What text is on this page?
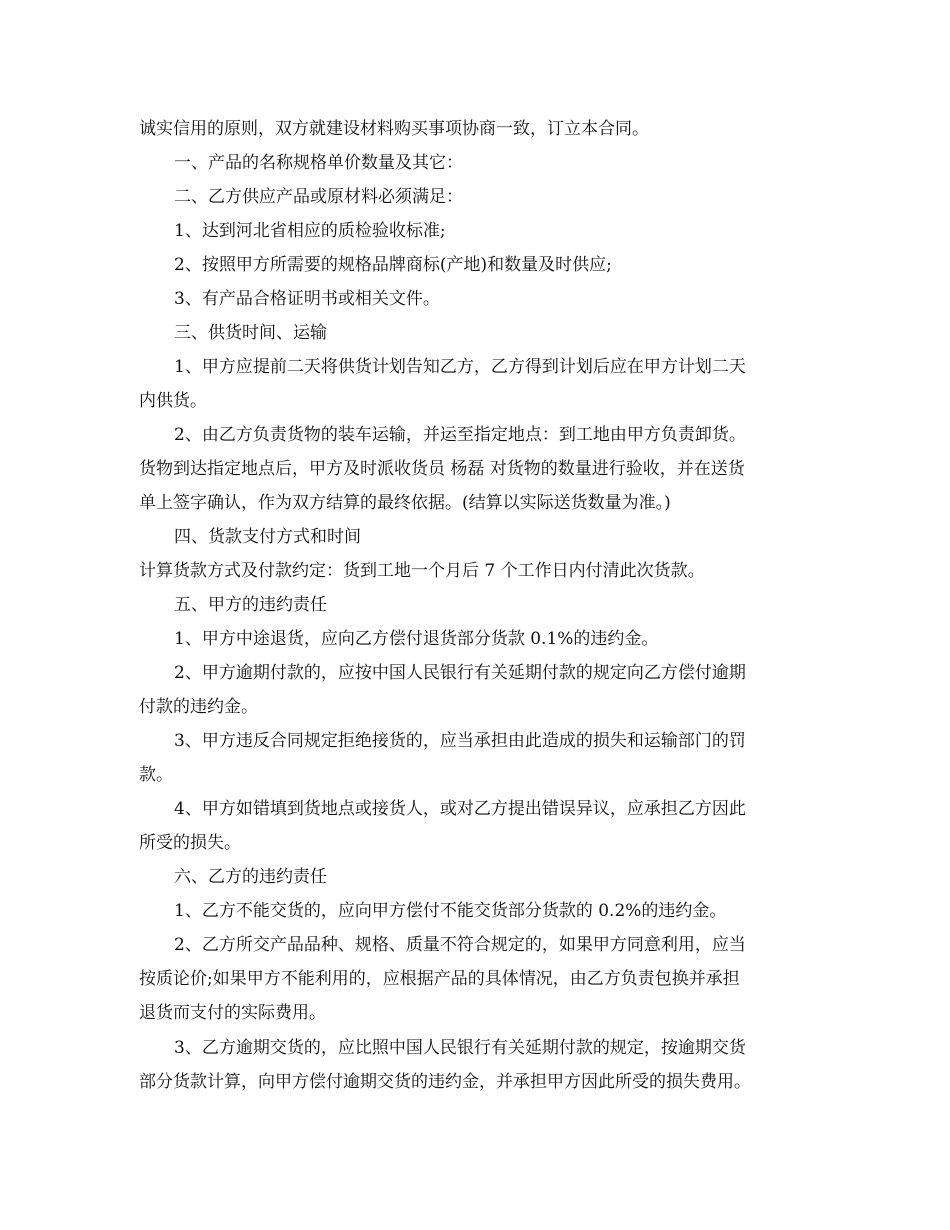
诚实信用的原则，双方就建设材料购买事项协商一致，订立本合同。

一、产品的名称规格单价数量及其它：

二、乙方供应产品或原材料必须满足：

1、达到河北省相应的质检验收标准;

2、按照甲方所需要的规格品牌商标(产地)和数量及时供应;

3、有产品合格证明书或相关文件。

三、供货时间、运输

1、甲方应提前二天将供货计划告知乙方，乙方得到计划后应在甲方计划二天

内供货。

2、由乙方负责货物的装车运输，并运至指定地点：到工地由甲方负责卸货。

货物到达指定地点后，甲方及时派收货员 杨磊 对货物的数量进行验收，并在送货

单上签字确认，作为双方结算的最终依据。(结算以实际送货数量为准。)

四、货款支付方式和时间

计算货款方式及付款约定：货到工地一个月后 7 个工作日内付清此次货款。

五、甲方的违约责任

1、甲方中途退货，应向乙方偿付退货部分货款 0.1%的违约金。

2、甲方逾期付款的，应按中国人民银行有关延期付款的规定向乙方偿付逾期

付款的违约金。

3、甲方违反合同规定拒绝接货的，应当承担由此造成的损失和运输部门的罚

款。

4、甲方如错填到货地点或接货人，或对乙方提出错误异议，应承担乙方因此

所受的损失。

六、乙方的违约责任

1、乙方不能交货的，应向甲方偿付不能交货部分货款的 0.2%的违约金。

2、乙方所交产品品种、规格、质量不符合规定的，如果甲方同意利用，应当

按质论价;如果甲方不能利用的，应根据产品的具体情况，由乙方负责包换并承担

退货而支付的实际费用。

3、乙方逾期交货的，应比照中国人民银行有关延期付款的规定，按逾期交货

部分货款计算，向甲方偿付逾期交货的违约金，并承担甲方因此所受的损失费用。
